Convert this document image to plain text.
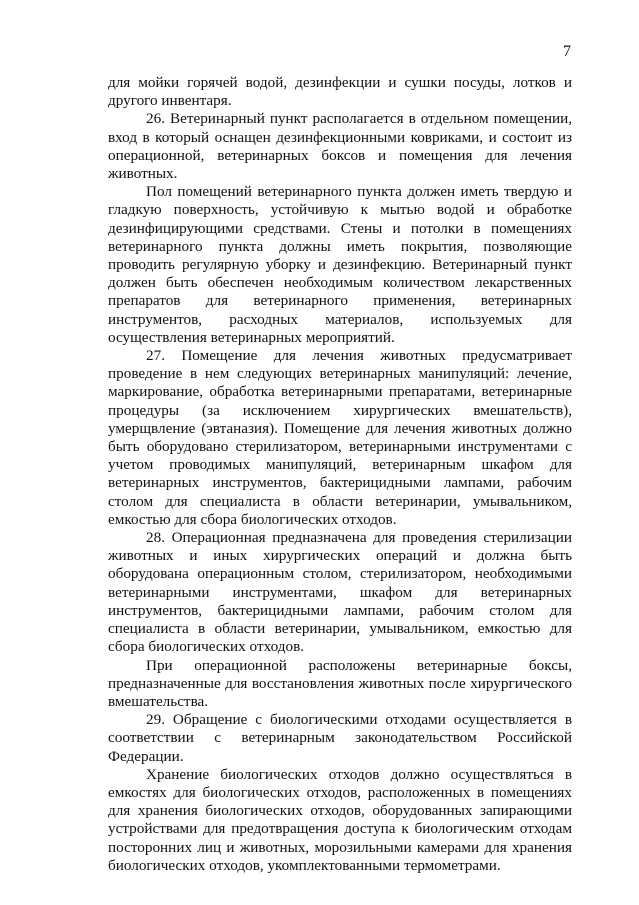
7

для мойки горячей водой, дезинфекции и сушки посуды, лотков и другого инвентаря.

26. Ветеринарный пункт располагается в отдельном помещении, вход в который оснащен дезинфекционными ковриками, и состоит из операционной, ветеринарных боксов и помещения для лечения животных.

Пол помещений ветеринарного пункта должен иметь твердую и гладкую поверхность, устойчивую к мытью водой и обработке дезинфицирующими средствами. Стены и потолки в помещениях ветеринарного пункта должны иметь покрытия, позволяющие проводить регулярную уборку и дезинфекцию. Ветеринарный пункт должен быть обеспечен необходимым количеством лекарственных препаратов для ветеринарного применения, ветеринарных инструментов, расходных материалов, используемых для осуществления ветеринарных мероприятий.

27. Помещение для лечения животных предусматривает проведение в нем следующих ветеринарных манипуляций: лечение, маркирование, обработка ветеринарными препаратами, ветеринарные процедуры (за исключением хирургических вмешательств), умерщвление (эвтаназия). Помещение для лечения животных должно быть оборудовано стерилизатором, ветеринарными инструментами с учетом проводимых манипуляций, ветеринарным шкафом для ветеринарных инструментов, бактерицидными лампами, рабочим столом для специалиста в области ветеринарии, умывальником, емкостью для сбора биологических отходов.

28. Операционная предназначена для проведения стерилизации животных и иных хирургических операций и должна быть оборудована операционным столом, стерилизатором, необходимыми ветеринарными инструментами, шкафом для ветеринарных инструментов, бактерицидными лампами, рабочим столом для специалиста в области ветеринарии, умывальником, емкостью для сбора биологических отходов.

При операционной расположены ветеринарные боксы, предназначенные для восстановления животных после хирургического вмешательства.

29. Обращение с биологическими отходами осуществляется в соответствии с ветеринарным законодательством Российской Федерации.

Хранение биологических отходов должно осуществляться в емкостях для биологических отходов, расположенных в помещениях для хранения биологических отходов, оборудованных запирающими устройствами для предотвращения доступа к биологическим отходам посторонних лиц и животных, морозильными камерами для хранения биологических отходов, укомплектованными термометрами.
